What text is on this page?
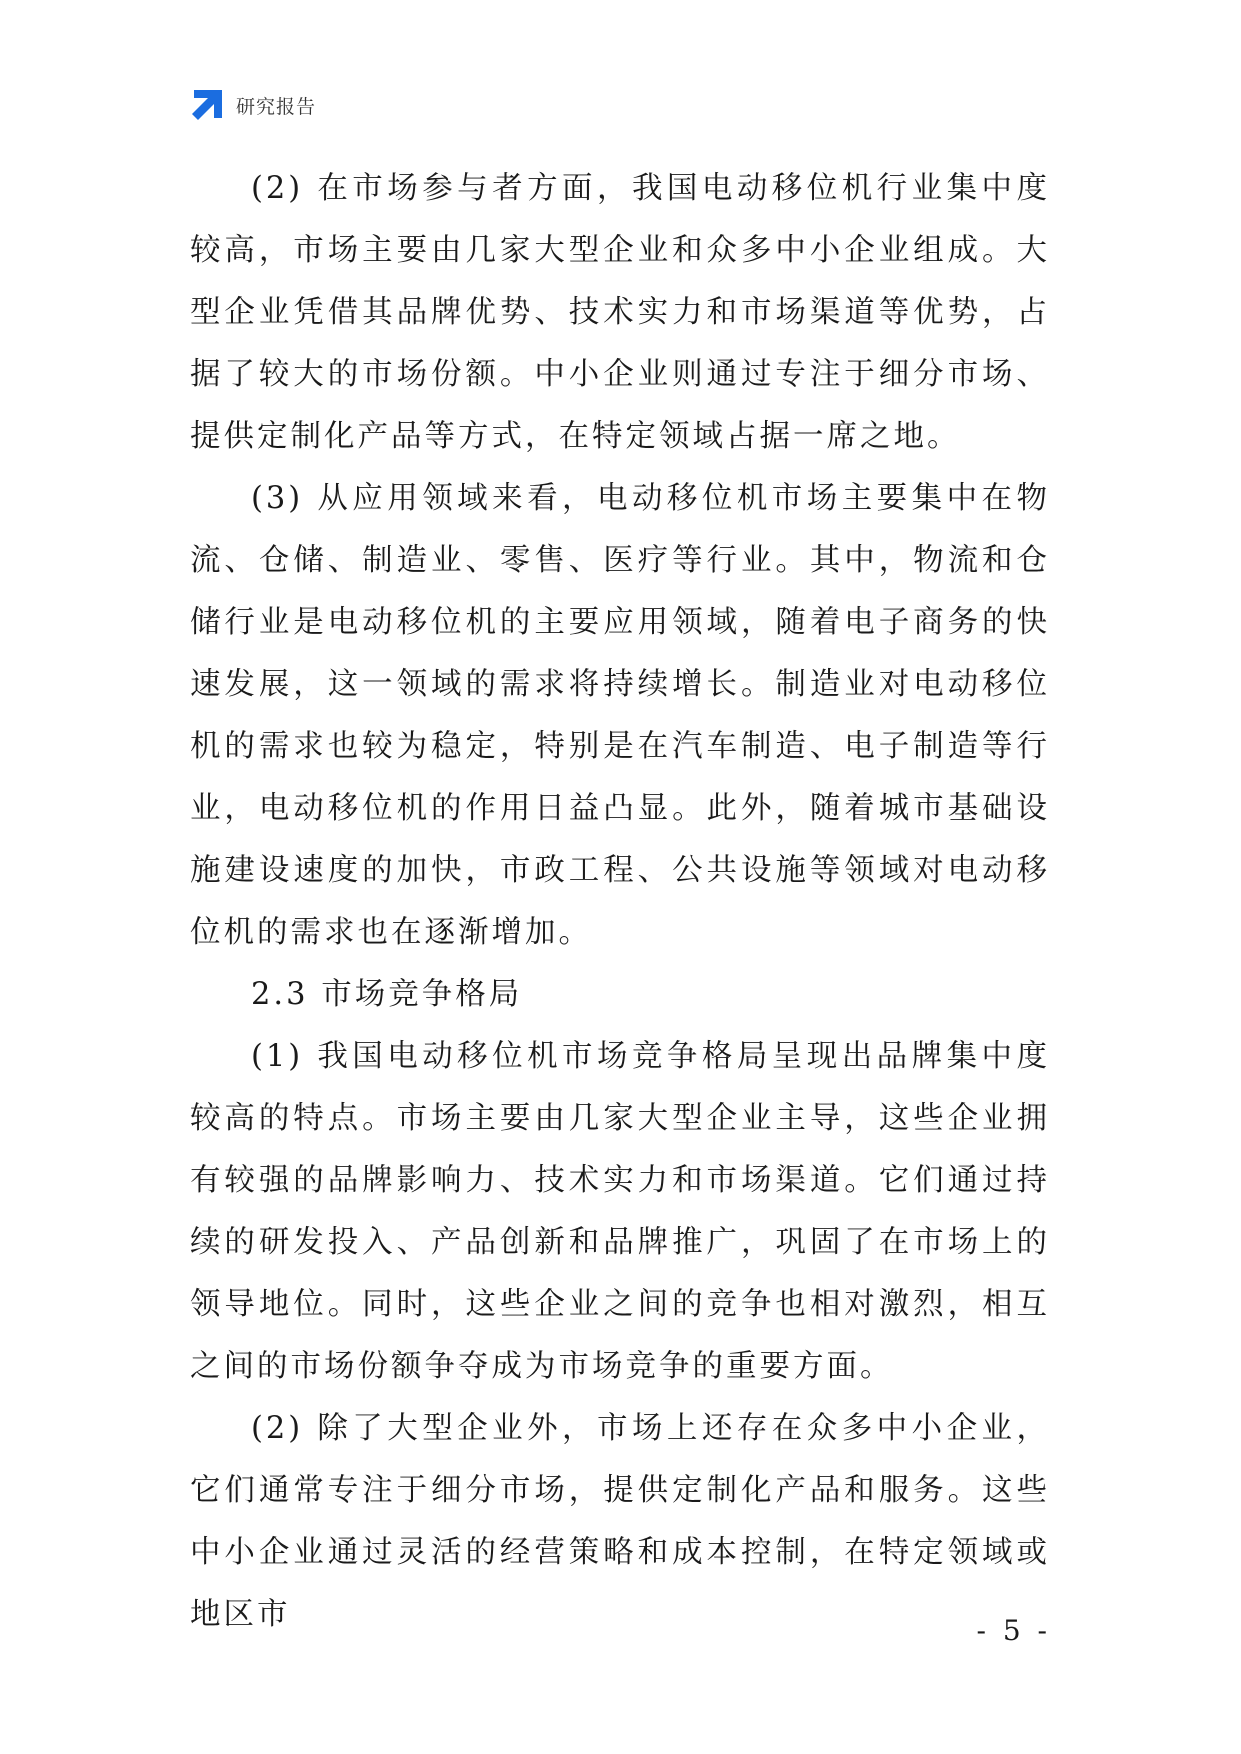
研究报告

(2) 在市场参与者方面，我国电动移位机行业集中度较高，市场主要由几家大型企业和众多中小企业组成。大型企业凭借其品牌优势、技术实力和市场渠道等优势，占据了较大的市场份额。中小企业则通过专注于细分市场、提供定制化产品等方式，在特定领域占据一席之地。

(3) 从应用领域来看，电动移位机市场主要集中在物流、仓储、制造业、零售、医疗等行业。其中，物流和仓储行业是电动移位机的主要应用领域，随着电子商务的快速发展，这一领域的需求将持续增长。制造业对电动移位机的需求也较为稳定，特别是在汽车制造、电子制造等行业，电动移位机的作用日益凸显。此外，随着城市基础设施建设速度的加快，市政工程、公共设施等领域对电动移位机的需求也在逐渐增加。

2.3 市场竞争格局

(1) 我国电动移位机市场竞争格局呈现出品牌集中度较高的特点。市场主要由几家大型企业主导，这些企业拥有较强的品牌影响力、技术实力和市场渠道。它们通过持续的研发投入、产品创新和品牌推广，巩固了在市场上的领导地位。同时，这些企业之间的竞争也相对激烈，相互之间的市场份额争夺成为市场竞争的重要方面。

(2) 除了大型企业外，市场上还存在众多中小企业，它们通常专注于细分市场，提供定制化产品和服务。这些中小企业通过灵活的经营策略和成本控制，在特定领域或地区市	- 5 -
